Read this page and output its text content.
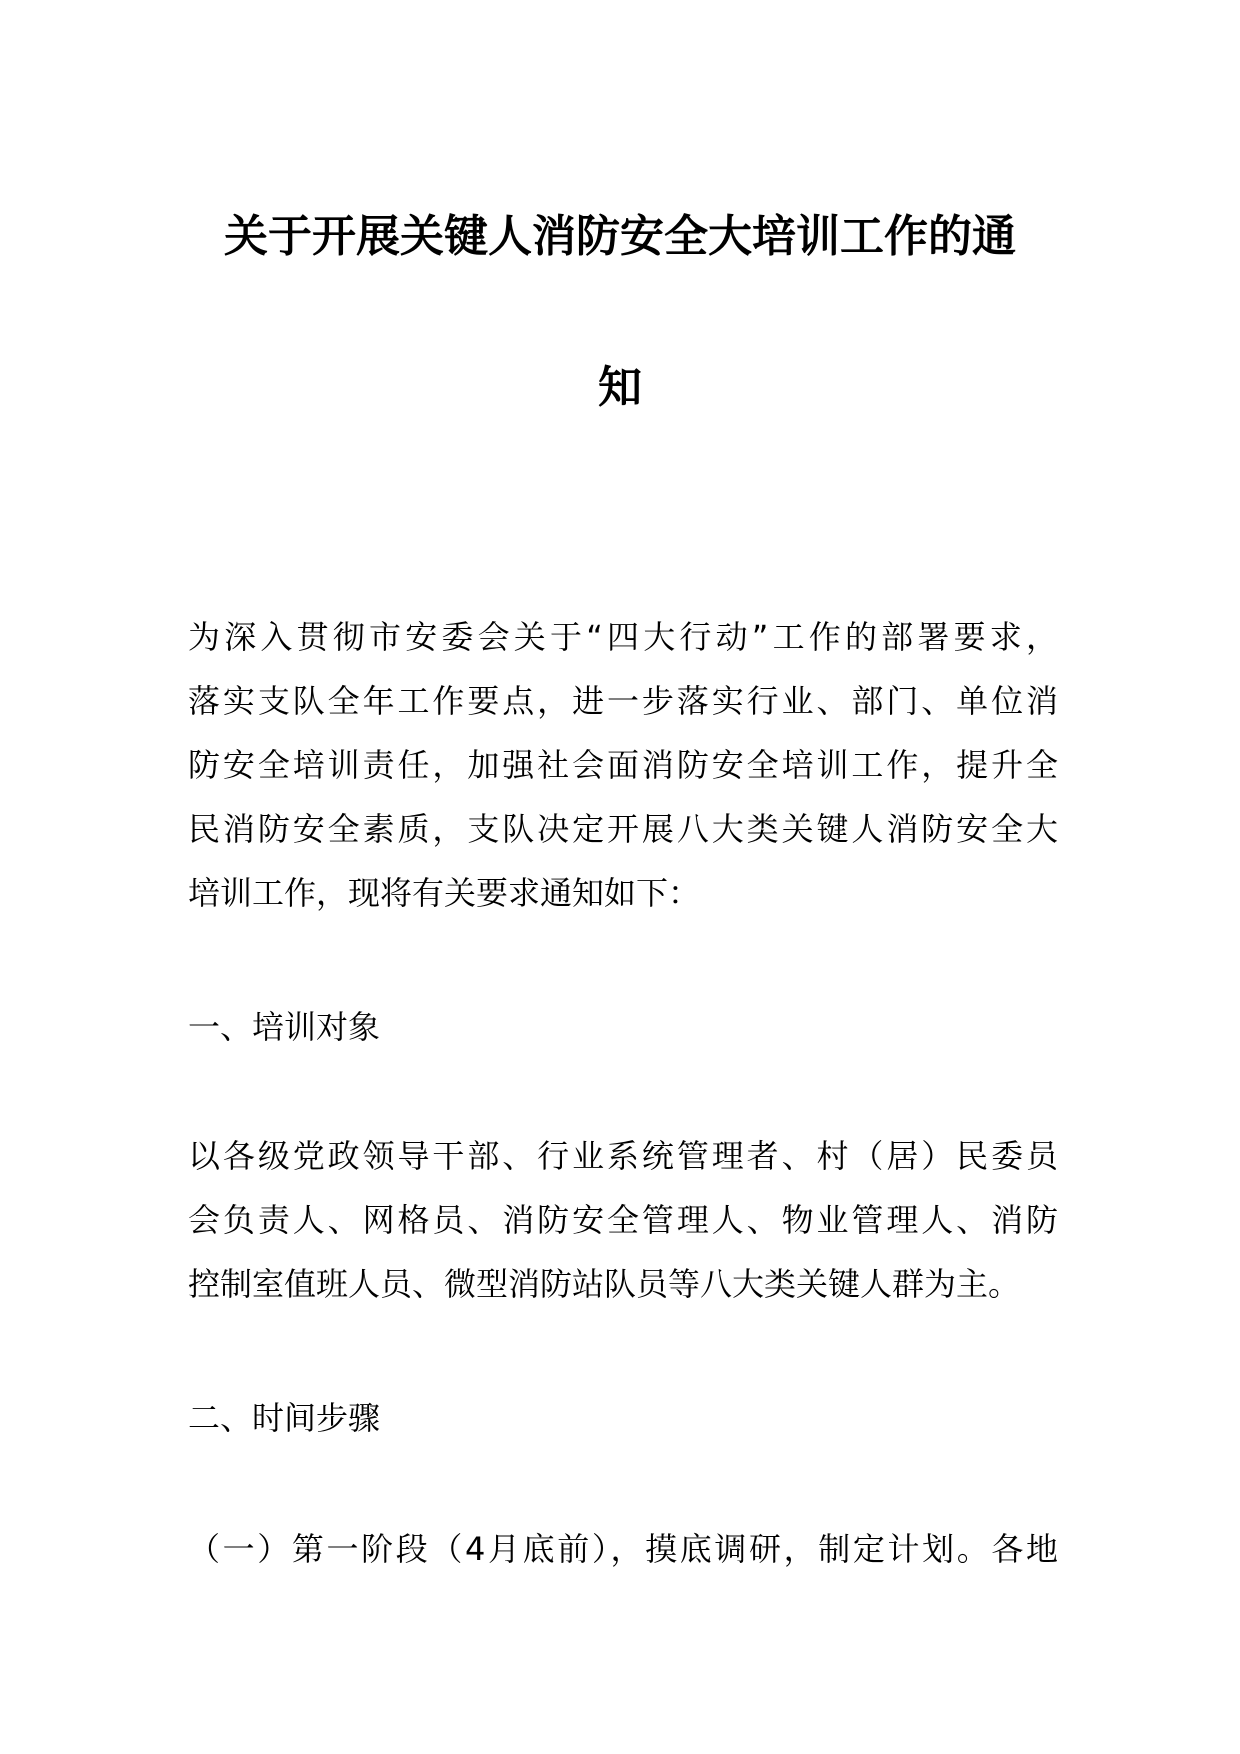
关于开展关键人消防安全大培训工作的通
知
为深入贯彻市安委会关于“四大行动”工作的部署要求，
落实支队全年工作要点，进一步落实行业、部门、单位消
防安全培训责任，加强社会面消防安全培训工作，提升全
民消防安全素质，支队决定开展八大类关键人消防安全大
培训工作，现将有关要求通知如下：
一、培训对象
以各级党政领导干部、行业系统管理者、村（居）民委员
会负责人、网格员、消防安全管理人、物业管理人、消防
控制室值班人员、微型消防站队员等八大类关键人群为主。
二、时间步骤
（一）第一阶段（4月底前），摸底调研，制定计划。各地
